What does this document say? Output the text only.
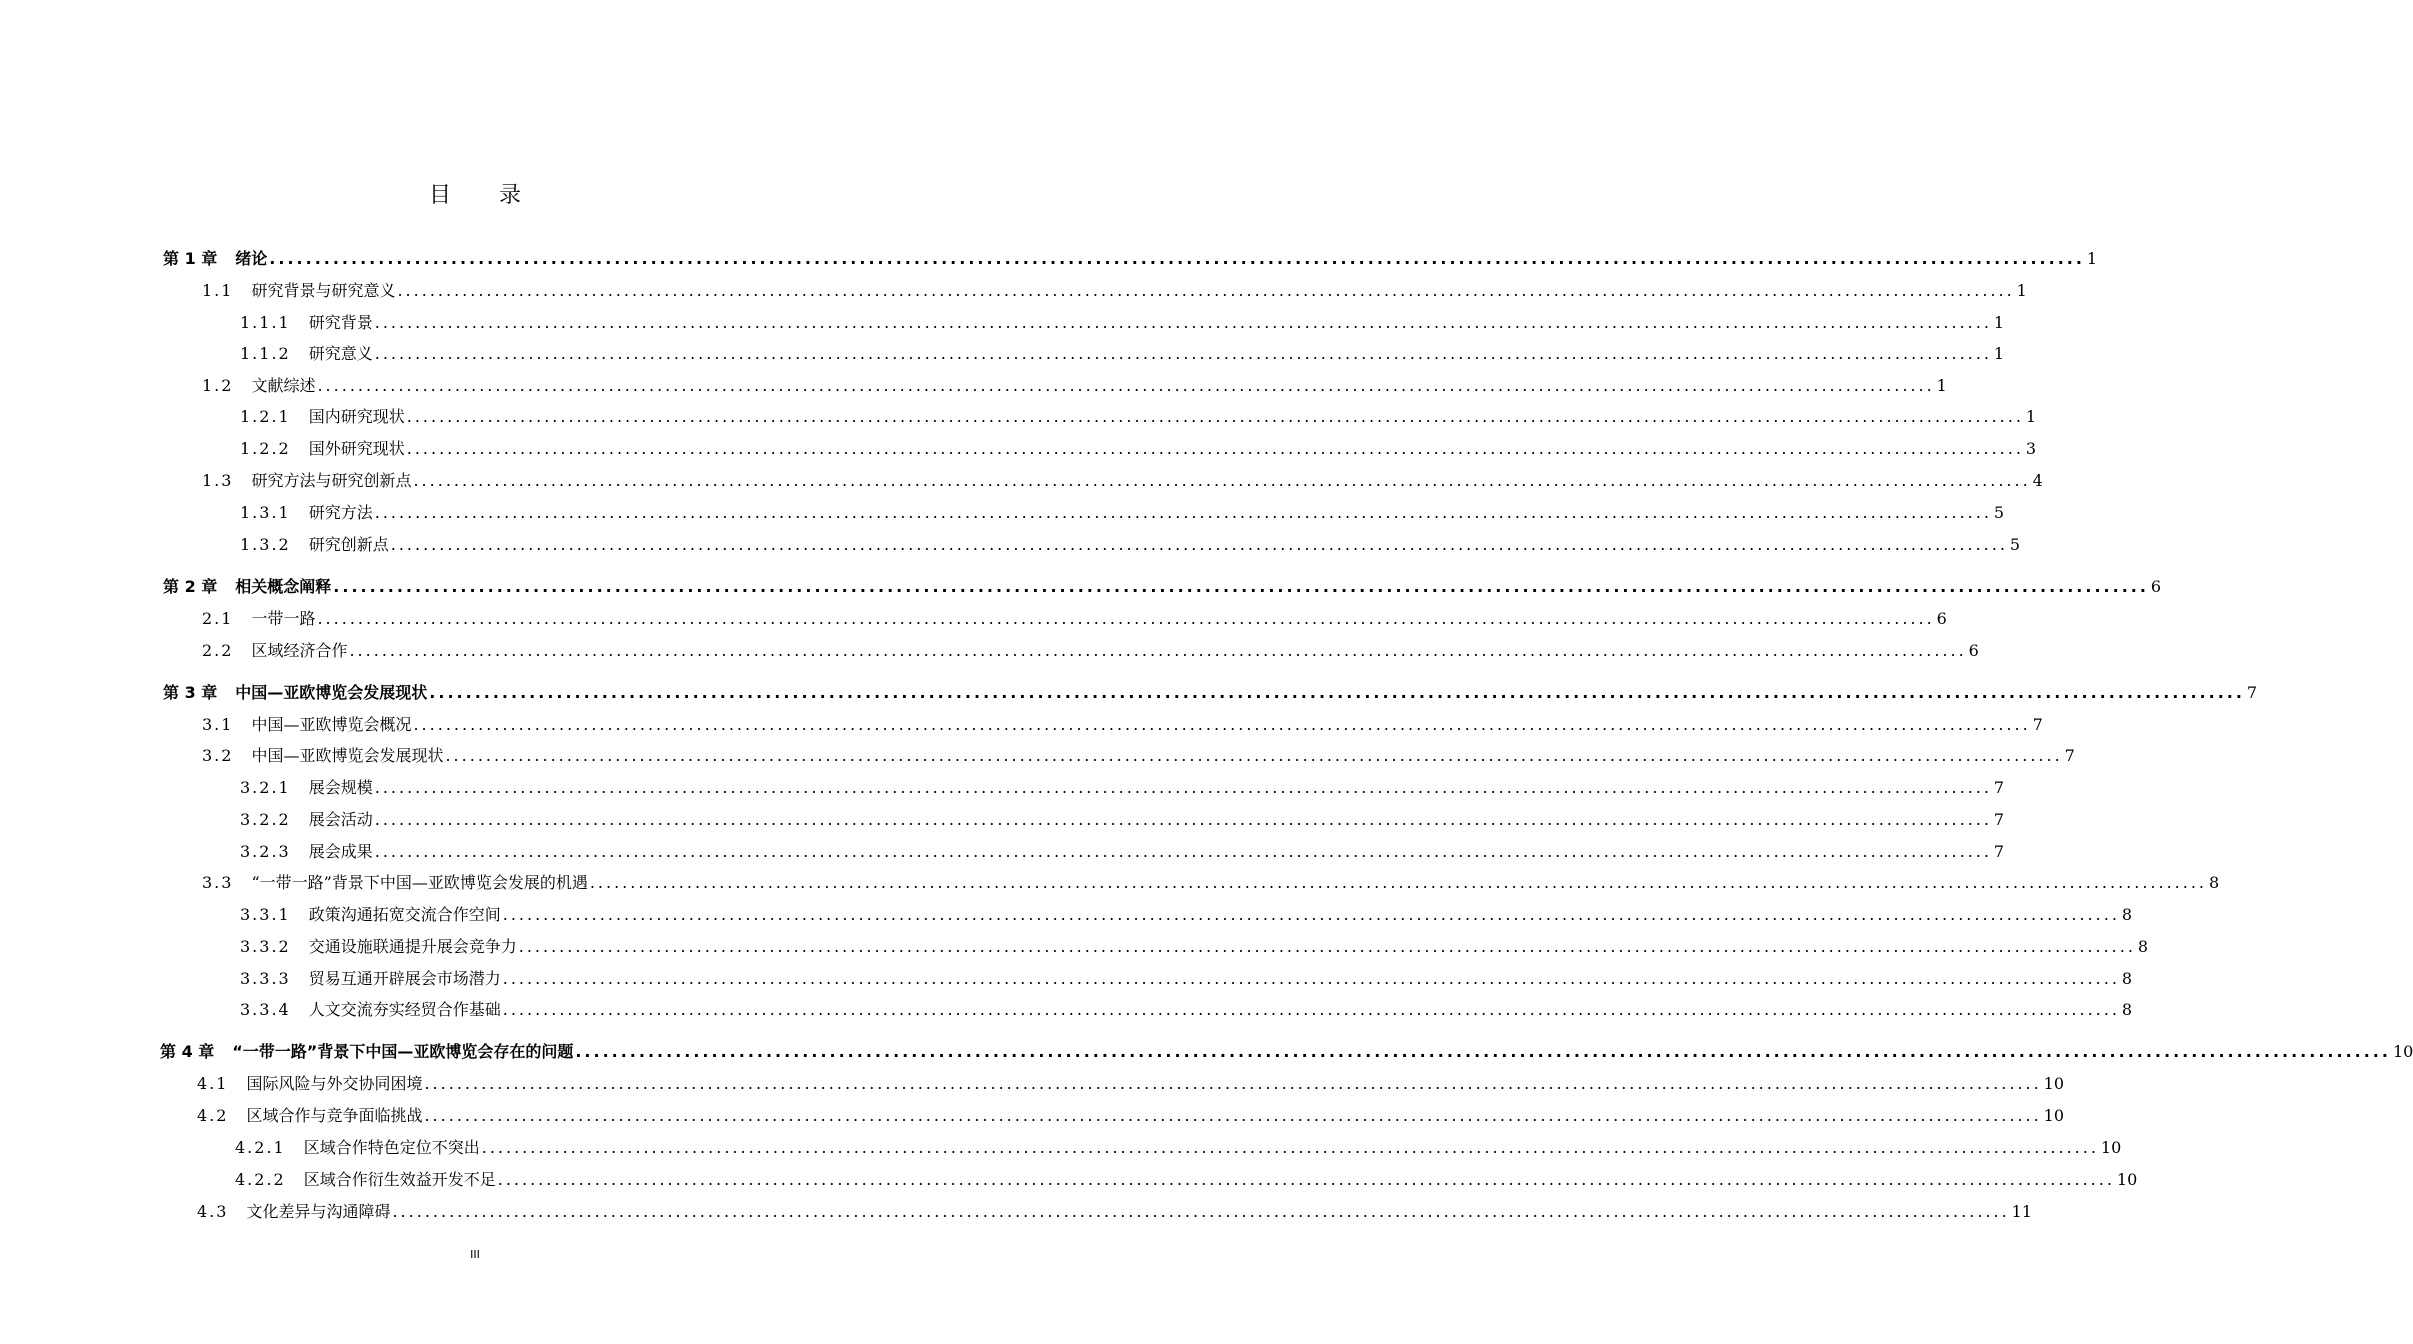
目录
第 1 章	绪论 ........................................................................................................................................................................................................ 1
1.1	研究背景与研究意义 ........................................................................................................................................................................................................ 1
1.1.1	研究背景 ........................................................................................................................................................................................................ 1
1.1.2	研究意义 ........................................................................................................................................................................................................ 1
1.2	文献综述 ........................................................................................................................................................................................................ 1
1.2.1	国内研究现状 ........................................................................................................................................................................................................ 1
1.2.2	国外研究现状 ........................................................................................................................................................................................................ 3
1.3	研究方法与研究创新点 ........................................................................................................................................................................................................ 4
1.3.1	研究方法 ........................................................................................................................................................................................................ 5
1.3.2	研究创新点 ........................................................................................................................................................................................................ 5
第 2 章	相关概念阐释 ........................................................................................................................................................................................................ 6
2.1	一带一路 ........................................................................................................................................................................................................ 6
2.2	区域经济合作 ........................................................................................................................................................................................................ 6
第 3 章	中国—亚欧博览会发展现状 ........................................................................................................................................................................................................ 7
3.1	中国—亚欧博览会概况 ........................................................................................................................................................................................................ 7
3.2	中国—亚欧博览会发展现状 ........................................................................................................................................................................................................ 7
3.2.1	展会规模 ........................................................................................................................................................................................................ 7
3.2.2	展会活动 ........................................................................................................................................................................................................ 7
3.2.3	展会成果 ........................................................................................................................................................................................................ 7
3.3	“一带一路”背景下中国—亚欧博览会发展的机遇 ........................................................................................................................................................................................................ 8
3.3.1	政策沟通拓宽交流合作空间 ........................................................................................................................................................................................................ 8
3.3.2	交通设施联通提升展会竞争力 ........................................................................................................................................................................................................ 8
3.3.3	贸易互通开辟展会市场潜力 ........................................................................................................................................................................................................ 8
3.3.4	人文交流夯实经贸合作基础 ........................................................................................................................................................................................................ 8
第 4 章	“一带一路”背景下中国—亚欧博览会存在的问题 ........................................................................................................................................................................................................ 10
4.1	国际风险与外交协同困境 ........................................................................................................................................................................................................ 10
4.2	区域合作与竞争面临挑战 ........................................................................................................................................................................................................ 10
4.2.1	区域合作特色定位不突出 ........................................................................................................................................................................................................ 10
4.2.2	区域合作衍生效益开发不足 ........................................................................................................................................................................................................ 10
4.3	文化差异与沟通障碍 ........................................................................................................................................................................................................ 11
III
